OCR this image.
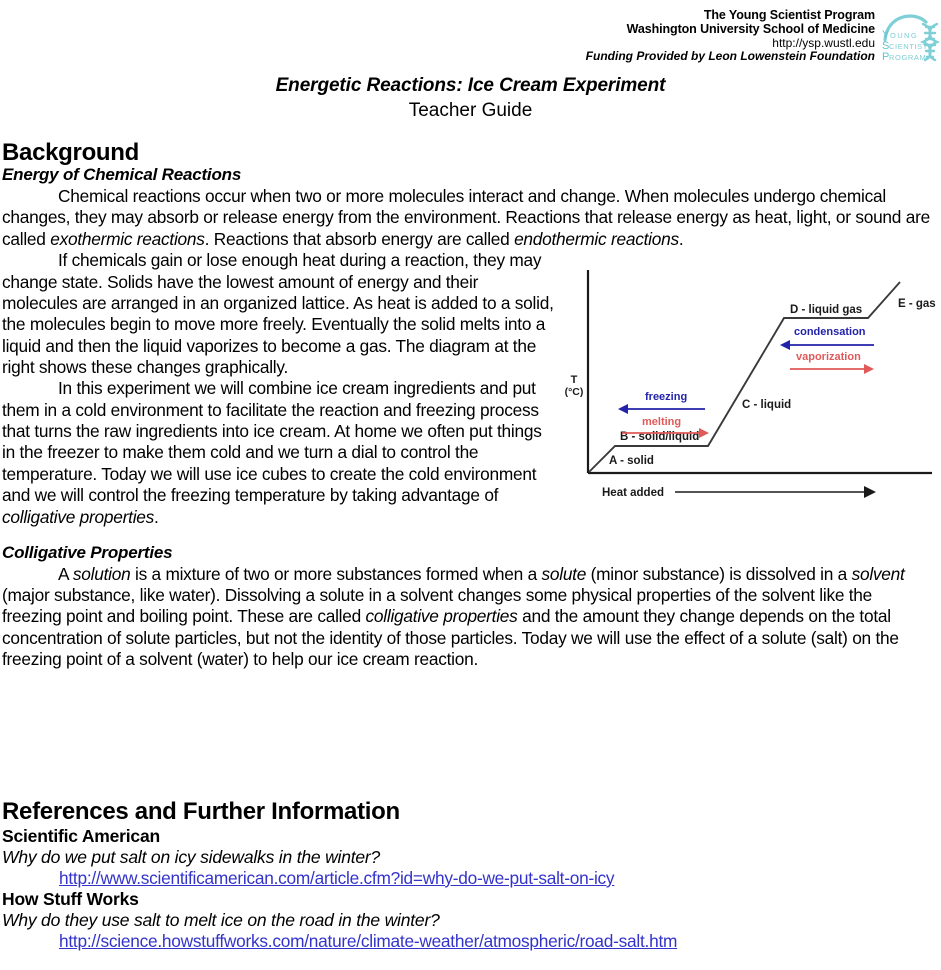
The Young Scientist Program
Washington University School of Medicine
http://ysp.wustl.edu
Funding Provided by Leon Lowenstein Foundation
Y OUNG
S CIENTIST
P ROGRAM
Energetic Reactions: Ice Cream Experiment
Teacher Guide
T
(°C)
A - solid
B - solid/liquid
C - liquid
D - liquid gas	E - gas
freezing
melting
condensation
vaporization
Heat added
Background
Energy of Chemical Reactions

Chemical reactions occur when two or more molecules interact and change. When molecules undergo chemical changes, they may absorb or release energy from the environment. Reactions that release energy as heat, light, or sound are called exothermic reactions. Reactions that absorb energy are called endothermic reactions.

If chemicals gain or lose enough heat during a reaction, they may change state. Solids have the lowest amount of energy and their molecules are arranged in an organized lattice. As heat is added to a solid, the molecules begin to move more freely. Eventually the solid melts into a liquid and then the liquid vaporizes to become a gas. The diagram at the right shows these changes graphically.

In this experiment we will combine ice cream ingredients and put them in a cold environment to facilitate the reaction and freezing process that turns the raw ingredients into ice cream. At home we often put things in the freezer to make them cold and we turn a dial to control the temperature. Today we will use ice cubes to create the cold environment and we will control the freezing temperature by taking advantage of colligative properties.

Colligative Properties

A solution is a mixture of two or more substances formed when a solute (minor substance) is dissolved in a solvent (major substance, like water). Dissolving a solute in a solvent changes some physical properties of the solvent like the freezing point and boiling point. These are called colligative properties and the amount they change depends on the total concentration of solute particles, but not the identity of those particles. Today we will use the effect of a solute (salt) on the freezing point of a solvent (water) to help our ice cream reaction.

References and Further Information
Scientific American
Why do we put salt on icy sidewalks in the winter?
http://www.scientificamerican.com/article.cfm?id=why-do-we-put-salt-on-icy
How Stuff Works
Why do they use salt to melt ice on the road in the winter?
http://science.howstuffworks.com/nature/climate-weather/atmospheric/road-salt.htm
